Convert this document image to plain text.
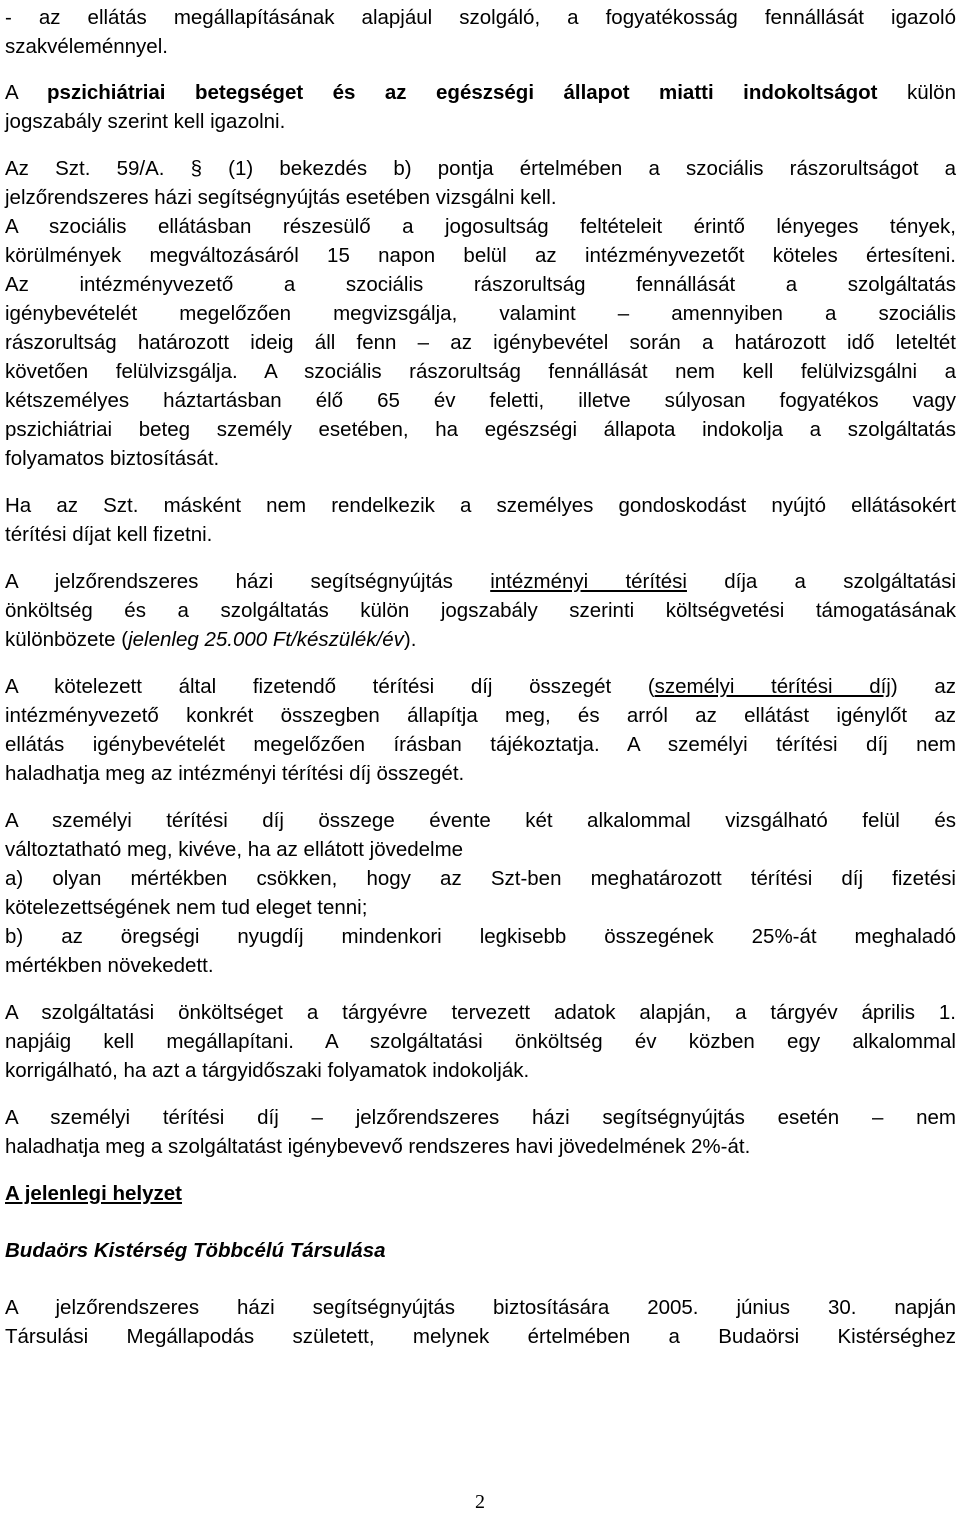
- az ellátás megállapításának alapjául szolgáló, a fogyatékosság fennállását igazoló
szakvéleménnyel.
A pszichiátriai betegséget és az egészségi állapot miatti indokoltságot külön
jogszabály szerint kell igazolni.
Az Szt. 59/A. § (1) bekezdés b) pontja értelmében a szociális rászorultságot a
jelzőrendszeres házi segítségnyújtás esetében vizsgálni kell.
A szociális ellátásban részesülő a jogosultság feltételeit érintő lényeges tények,
körülmények megváltozásáról 15 napon belül az intézményvezetőt köteles értesíteni.
Az intézményvezető a szociális rászorultság fennállását a szolgáltatás
igénybevételét megelőzően megvizsgálja, valamint – amennyiben a szociális
rászorultság határozott ideig áll fenn – az igénybevétel során a határozott idő leteltét
követően felülvizsgálja. A szociális rászorultság fennállását nem kell felülvizsgálni a
kétszemélyes háztartásban élő 65 év feletti, illetve súlyosan fogyatékos vagy
pszichiátriai beteg személy esetében, ha egészségi állapota indokolja a szolgáltatás
folyamatos biztosítását.
Ha az Szt. másként nem rendelkezik a személyes gondoskodást nyújtó ellátásokért
térítési díjat kell fizetni.
A jelzőrendszeres házi segítségnyújtás intézményi térítési díja a szolgáltatási
önköltség és a szolgáltatás külön jogszabály szerinti költségvetési támogatásának
különbözete (jelenleg 25.000 Ft/készülék/év).
A kötelezett által fizetendő térítési díj összegét (személyi térítési díj) az
intézményvezető konkrét összegben állapítja meg, és arról az ellátást igénylőt az
ellátás igénybevételét megelőzően írásban tájékoztatja. A személyi térítési díj nem
haladhatja meg az intézményi térítési díj összegét.
A személyi térítési díj összege évente két alkalommal vizsgálható felül és
változtatható meg, kivéve, ha az ellátott jövedelme
a) olyan mértékben csökken, hogy az Szt-ben meghatározott térítési díj fizetési
kötelezettségének nem tud eleget tenni;
b) az öregségi nyugdíj mindenkori legkisebb összegének 25%-át meghaladó
mértékben növekedett.
A szolgáltatási önköltséget a tárgyévre tervezett adatok alapján, a tárgyév április 1.
napjáig kell megállapítani. A szolgáltatási önköltség év közben egy alkalommal
korrigálható, ha azt a tárgyidőszaki folyamatok indokolják.
A személyi térítési díj – jelzőrendszeres házi segítségnyújtás esetén – nem
haladhatja meg a szolgáltatást igénybevevő rendszeres havi jövedelmének 2%-át.
A jelenlegi helyzet
Budaörs Kistérség Többcélú Társulása
A jelzőrendszeres házi segítségnyújtás biztosítására 2005. június 30. napján
Társulási Megállapodás született, melynek értelmében a Budaörsi Kistérséghez
2
